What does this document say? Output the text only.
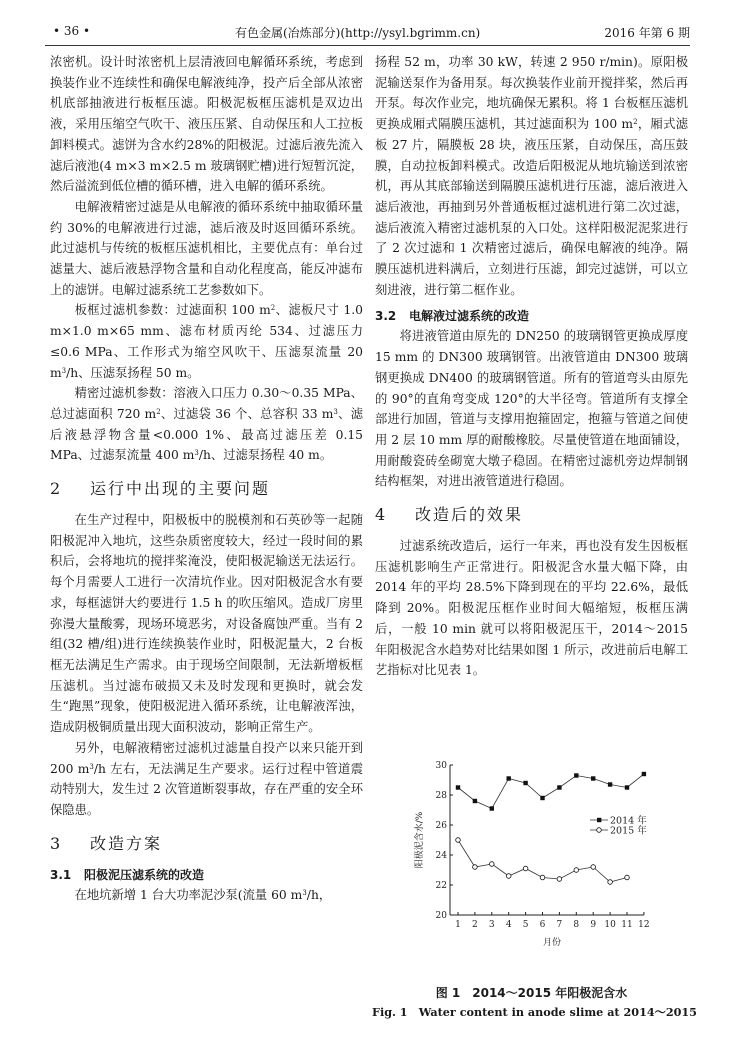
• 36 •	有色金属(冶炼部分)(http://ysyl.bgrimm.cn)	2016 年第 6 期

浓密机。设计时浓密机上层清液回电解循环系统，考虑到换装作业不连续性和确保电解液纯净，投产后全部从浓密机底部抽液进行板框压滤。阳极泥板框压滤机是双边出液，采用压缩空气吹干、液压压紧、自动保压和人工拉板卸料模式。滤饼为含水约28%的阳极泥。过滤后液先流入滤后液池(4 m×3 m×2.5 m 玻璃钢贮槽)进行短暂沉淀，然后溢流到低位槽的循环槽，进入电解的循环系统。

电解液精密过滤是从电解液的循环系统中抽取循环量约 30%的电解液进行过滤，滤后液及时返回循环系统。此过滤机与传统的板框压滤机相比，主要优点有：单台过滤量大、滤后液悬浮物含量和自动化程度高，能反冲滤布上的滤饼。电解过滤系统工艺参数如下。

板框过滤机参数：过滤面积 100 $m^2$、滤板尺寸 1.0 m×1.0 m×65 mm、滤布材质丙纶 534、过滤压力≤0.6 MPa、工作形式为缩空风吹干、压滤泵流量 20 $m^3/h$、压滤泵扬程 50 m。

精密过滤机参数：溶液入口压力 0.30～0.35 MPa、总过滤面积 720 $m^2$、过滤袋 36 个、总容积 33 $m^3$、滤后液悬浮物含量<0.000 1%、最高过滤压差 0.15 MPa、过滤泵流量 400 $m^3/h$、过滤泵扬程 40 m。

2 运行中出现的主要问题

在生产过程中，阳极板中的脱模剂和石英砂等一起随阳极泥冲入地坑，这些杂质密度较大，经过一段时间的累积后，会将地坑的搅拌桨淹没，使阳极泥输送无法运行。每个月需要人工进行一次清坑作业。因对阳极泥含水有要求，每框滤饼大约要进行 1.5 h 的吹压缩风。造成厂房里弥漫大量酸雾，现场环境恶劣，对设备腐蚀严重。当有 2 组(32 槽/组)进行连续换装作业时，阳极泥量大，2 台板框无法满足生产需求。由于现场空间限制，无法新增板框压滤机。当过滤布破损又未及时发现和更换时，就会发生“跑黑”现象，使阳极泥进入循环系统，让电解液浑浊，造成阴极铜质量出现大面积波动，影响正常生产。

另外，电解液精密过滤机过滤量自投产以来只能开到 200 $m^3/h$ 左右，无法满足生产要求。运行过程中管道震动特别大，发生过 2 次管道断裂事故，存在严重的安全环保隐患。

3 改造方案
3.1 阳极泥压滤系统的改造

在地坑新增 1 台大功率泥沙泵(流量 60 $m^3/h$，

扬程 52 m，功率 30 kW，转速 2 950 r/min)。原阳极泥输送泵作为备用泵。每次换装作业前开搅拌桨，然后再开泵。每次作业完，地坑确保无累积。将 1 台板框压滤机更换成厢式隔膜压滤机，其过滤面积为 100 $m^2$，厢式滤板 27 片，隔膜板 28 块，液压压紧，自动保压，高压鼓膜，自动拉板卸料模式。改造后阳极泥从地坑输送到浓密机，再从其底部输送到隔膜压滤机进行压滤，滤后液进入滤后液池，再抽到另外普通板框过滤机进行第二次过滤，滤后液流入精密过滤机泵的入口处。这样阳极泥泥浆进行了 2 次过滤和 1 次精密过滤后，确保电解液的纯净。隔膜压滤机进料满后，立刻进行压滤，卸完过滤饼，可以立刻进液，进行第二框作业。

3.2 电解液过滤系统的改造

将进液管道由原先的 DN250 的玻璃钢管更换成厚度 15 mm 的 DN300 玻璃钢管。出液管道由 DN300 玻璃钢更换成 DN400 的玻璃钢管道。所有的管道弯头由原先的 90°的直角弯变成 120°的大半径弯。管道所有支撑全部进行加固，管道与支撑用抱箍固定，抱箍与管道之间使用 2 层 10 mm 厚的耐酸橡胶。尽量使管道在地面铺设，用耐酸瓷砖垒砌宽大墩子稳固。在精密过滤机旁边焊制钢结构框架，对进出液管道进行稳固。

4 改造后的效果

过滤系统改造后，运行一年来，再也没有发生因板框压滤机影响生产正常进行。阳极泥含水量大幅下降，由 2014 年的平均 28.5%下降到现在的平均 22.6%，最低降到 20%。阳极泥压框作业时间大幅缩短，板框压满后，一般 10 min 就可以将阳极泥压干，2014～2015 年阳极泥含水趋势对比结果如图 1 所示，改进前后电解工艺指标对比见表 1。

20
22
24
26
28
30
1 2 3 4 5 6 7 8 9 10 11 12
月份
阳极泥含水/%	2014 年
2015 年
图 1　2014～2015 年阳极泥含水
Fig. 1　Water content in anode slime at 2014～2015
